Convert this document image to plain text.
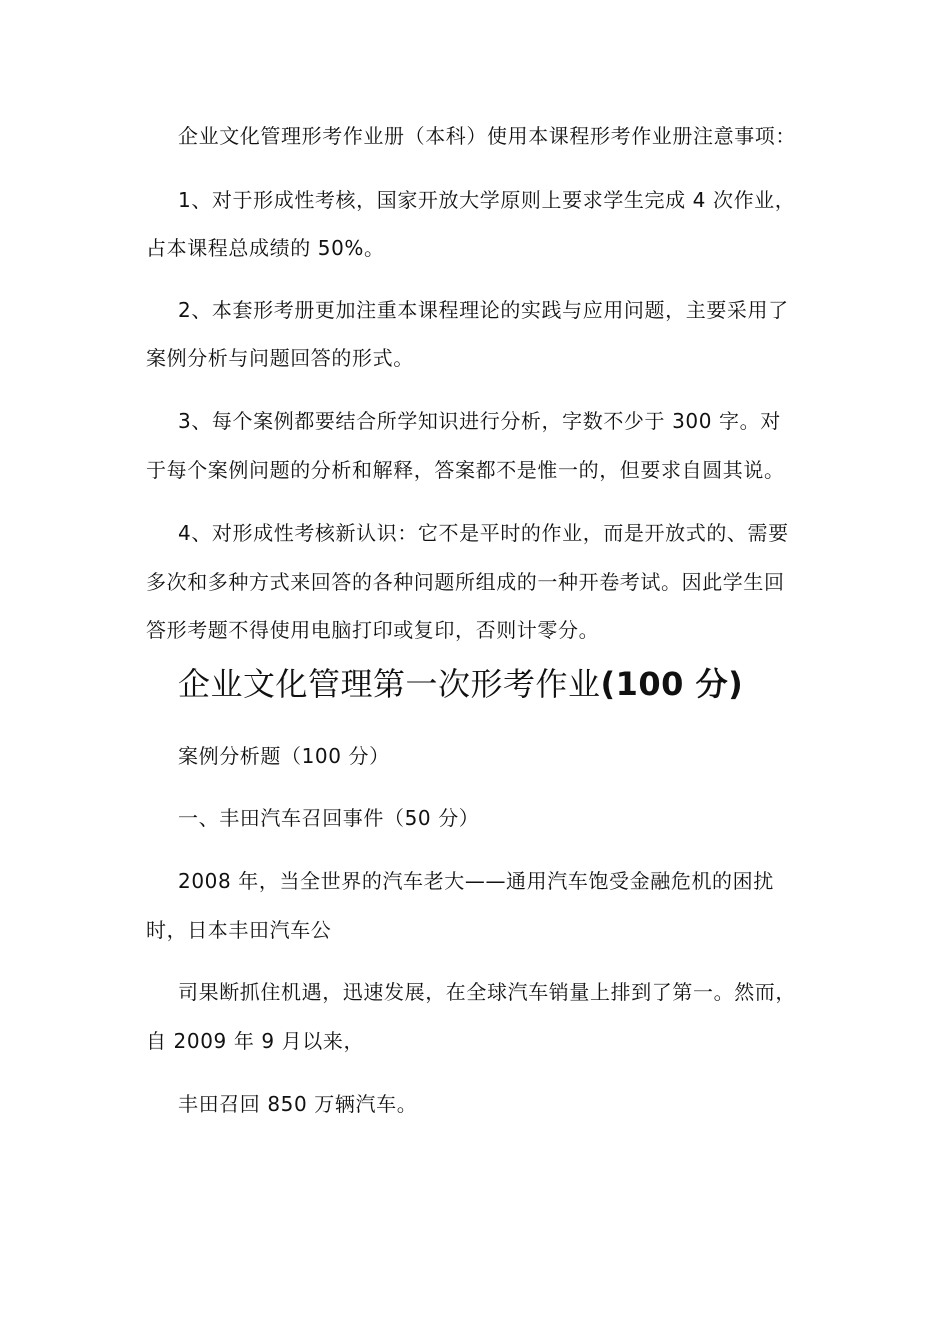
企业文化管理形考作业册（本科）使用本课程形考作业册注意事项：
1、对于形成性考核，国家开放大学原则上要求学生完成 4 次作业，
占本课程总成绩的 50%。
2、本套形考册更加注重本课程理论的实践与应用问题，主要采用了
案例分析与问题回答的形式。
3、每个案例都要结合所学知识进行分析，字数不少于 300 字。对
于每个案例问题的分析和解释，答案都不是惟一的，但要求自圆其说。
4、对形成性考核新认识：它不是平时的作业，而是开放式的、需要
多次和多种方式来回答的各种问题所组成的一种开卷考试。因此学生回
答形考题不得使用电脑打印或复印，否则计零分。
企业文化管理第一次形考作业(100 分)
案例分析题（100 分）
一、丰田汽车召回事件（50 分）
2008 年，当全世界的汽车老大——通用汽车饱受金融危机的困扰
时，日本丰田汽车公
司果断抓住机遇，迅速发展，在全球汽车销量上排到了第一。然而，
自 2009 年 9 月以来，
丰田召回 850 万辆汽车。
